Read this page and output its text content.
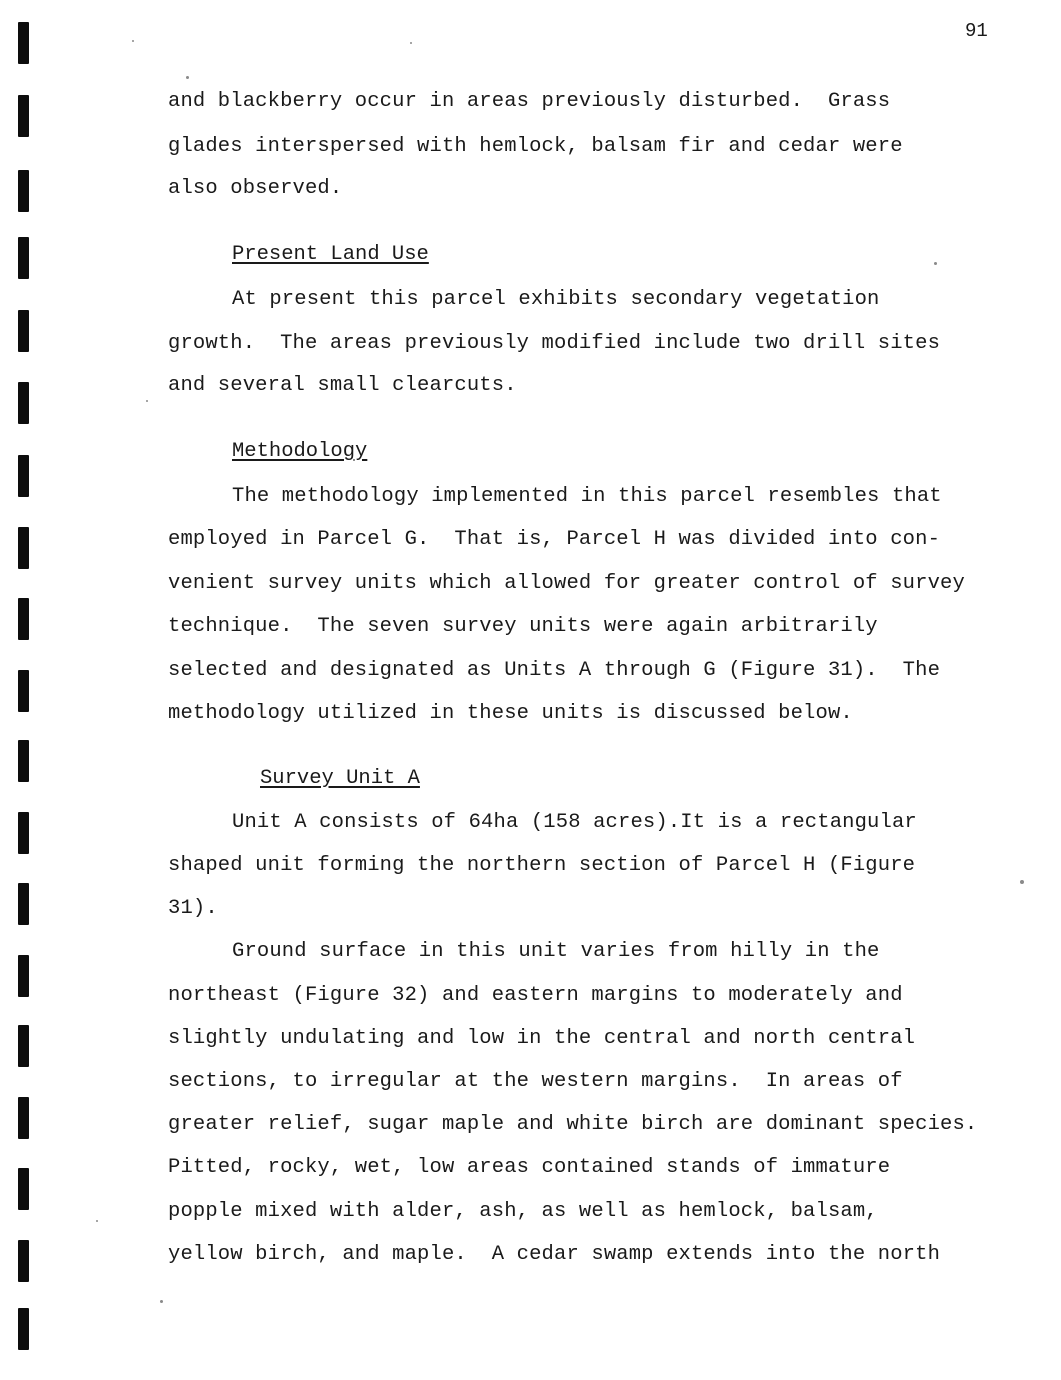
91
and blackberry occur in areas previously disturbed.  Grass
glades interspersed with hemlock, balsam fir and cedar were
also observed.
Present Land Use
At present this parcel exhibits secondary vegetation
growth.  The areas previously modified include two drill sites
and several small clearcuts.
Methodology
The methodology implemented in this parcel resembles that
employed in Parcel G.  That is, Parcel H was divided into con-
venient survey units which allowed for greater control of survey
technique.  The seven survey units were again arbitrarily
selected and designated as Units A through G (Figure 31).  The
methodology utilized in these units is discussed below.
Survey Unit A
Unit A consists of 64ha (158 acres).It is a rectangular
shaped unit forming the northern section of Parcel H (Figure
31).
Ground surface in this unit varies from hilly in the
northeast (Figure 32) and eastern margins to moderately and
slightly undulating and low in the central and north central
sections, to irregular at the western margins.  In areas of
greater relief, sugar maple and white birch are dominant species.
Pitted, rocky, wet, low areas contained stands of immature
popple mixed with alder, ash, as well as hemlock, balsam,
yellow birch, and maple.  A cedar swamp extends into the north
